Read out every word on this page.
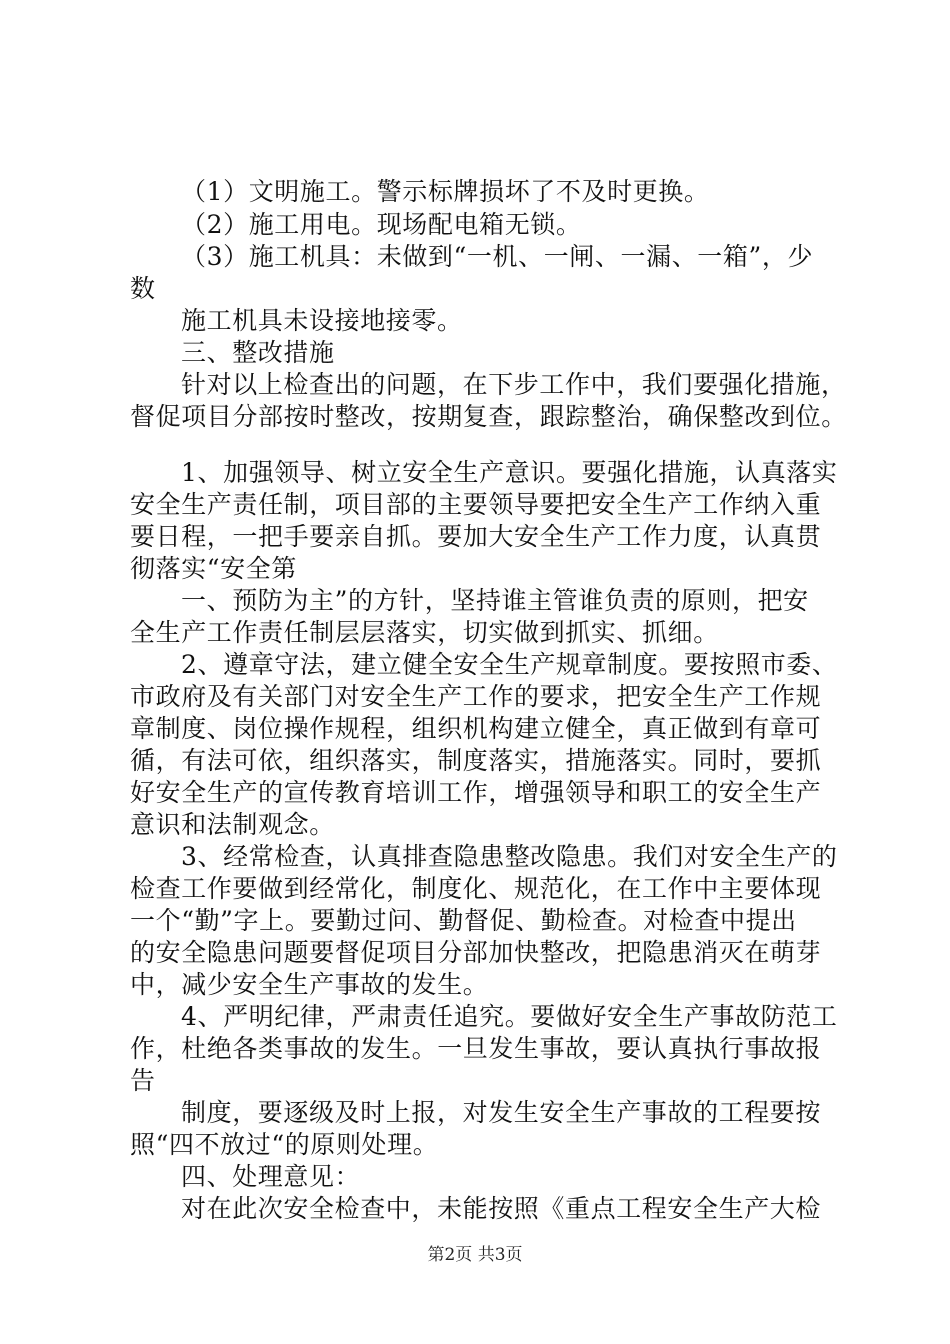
（1）文明施工。警示标牌损坏了不及时更换。
（2）施工用电。现场配电箱无锁。
（3）施工机具：未做到“一机、一闸、一漏、一箱”，少
数
施工机具未设接地接零。
三、整改措施
针对以上检查出的问题，在下步工作中，我们要强化措施，
督促项目分部按时整改，按期复查，跟踪整治，确保整改到位。
1、加强领导、树立安全生产意识。要强化措施，认真落实
安全生产责任制，项目部的主要领导要把安全生产工作纳入重
要日程，一把手要亲自抓。要加大安全生产工作力度，认真贯
彻落实“安全第
一、预防为主”的方针，坚持谁主管谁负责的原则，把安
全生产工作责任制层层落实，切实做到抓实、抓细。
2、遵章守法，建立健全安全生产规章制度。要按照市委、
市政府及有关部门对安全生产工作的要求，把安全生产工作规
章制度、岗位操作规程，组织机构建立健全，真正做到有章可
循，有法可依，组织落实，制度落实，措施落实。同时，要抓
好安全生产的宣传教育培训工作，增强领导和职工的安全生产
意识和法制观念。
3、经常检查，认真排查隐患整改隐患。我们对安全生产的
检查工作要做到经常化，制度化、规范化，在工作中主要体现
一个“勤”字上。要勤过问、勤督促、勤检查。对检查中提出
的安全隐患问题要督促项目分部加快整改，把隐患消灭在萌芽
中，减少安全生产事故的发生。
4、严明纪律，严肃责任追究。要做好安全生产事故防范工
作，杜绝各类事故的发生。一旦发生事故，要认真执行事故报
告
制度，要逐级及时上报，对发生安全生产事故的工程要按
照“四不放过“的原则处理。
四、处理意见：
对在此次安全检查中，未能按照《重点工程安全生产大检
第2页 共3页
